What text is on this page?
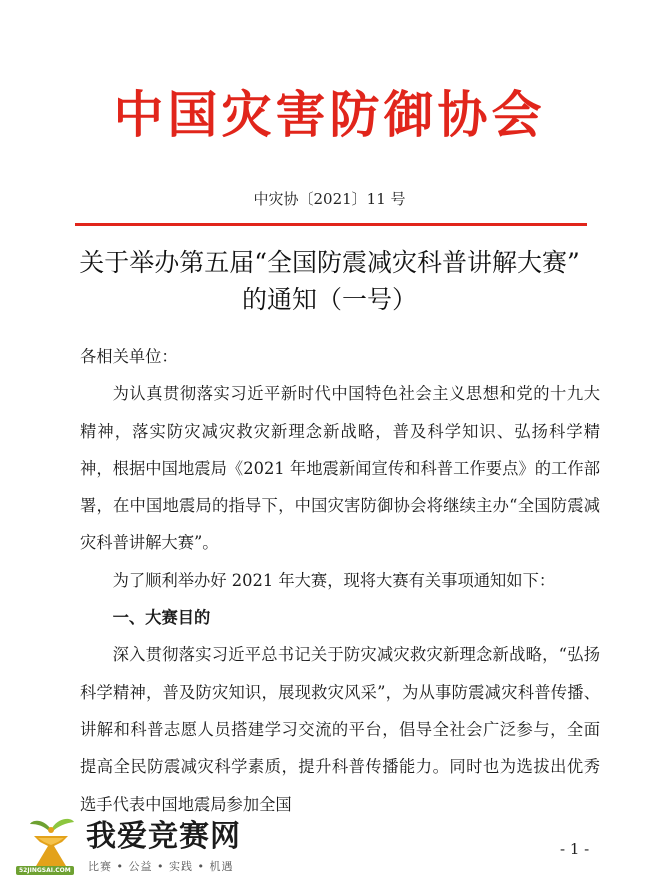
中国灾害防御协会
中灾协〔2021〕11 号
关于举办第五届“全国防震减灾科普讲解大赛”
的通知（一号）

各相关单位：

为认真贯彻落实习近平新时代中国特色社会主义思想和党的十九大精神，落实防灾减灾救灾新理念新战略，普及科学知识、弘扬科学精神，根据中国地震局《2021 年地震新闻宣传和科普工作要点》的工作部署，在中国地震局的指导下，中国灾害防御协会将继续主办“全国防震减灾科普讲解大赛”。

为了顺利举办好 2021 年大赛，现将大赛有关事项通知如下：

一、大赛目的

深入贯彻落实习近平总书记关于防灾减灾救灾新理念新战略，“弘扬科学精神，普及防灾知识，展现救灾风采”，为从事防震减灾科普传播、讲解和科普志愿人员搭建学习交流的平台，倡导全社会广泛参与，全面提高全民防震减灾科学素质，提升科普传播能力。同时也为选拔出优秀选手代表中国地震局参加全国

- 1 -
52JINGSAI.COM
我爱竞赛网
比赛 • 公益 • 实践 • 机遇
